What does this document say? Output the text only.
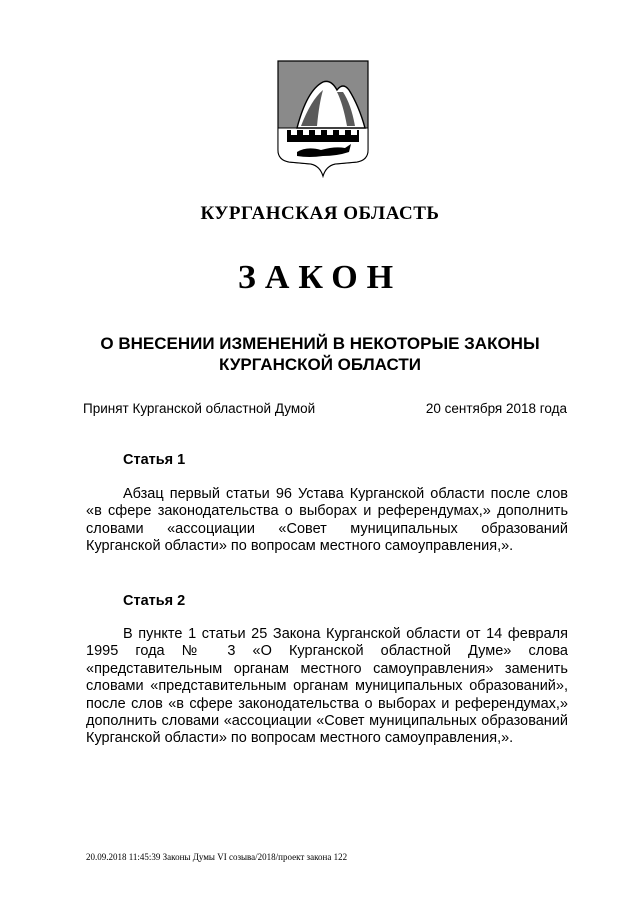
КУРГАНСКАЯ ОБЛАСТЬ
ЗАКОН
О ВНЕСЕНИИ ИЗМЕНЕНИЙ В НЕКОТОРЫЕ ЗАКОНЫ
КУРГАНСКОЙ ОБЛАСТИ
Принят Курганской областной Думой	20 сентября 2018 года
Статья 1
Абзац первый статьи 96 Устава Курганской области после слов «в сфере законодательства о выборах и референдумах,» дополнить словами «ассоциации «Совет муниципальных образований Курганской области» по вопросам местного самоуправления,».
Статья 2
В пункте 1 статьи 25 Закона Курганской области от 14 февраля 1995 года № 3 «О Курганской областной Думе» слова «представительным органам местного самоуправления» заменить словами «представительным органам муниципальных образований», после слов «в сфере законодательства о выборах и референдумах,» дополнить словами «ассоциации «Совет муниципальных образований Курганской области» по вопросам местного самоуправления,».
20.09.2018 11:45:39 Законы Думы VI созыва/2018/проект закона 122
